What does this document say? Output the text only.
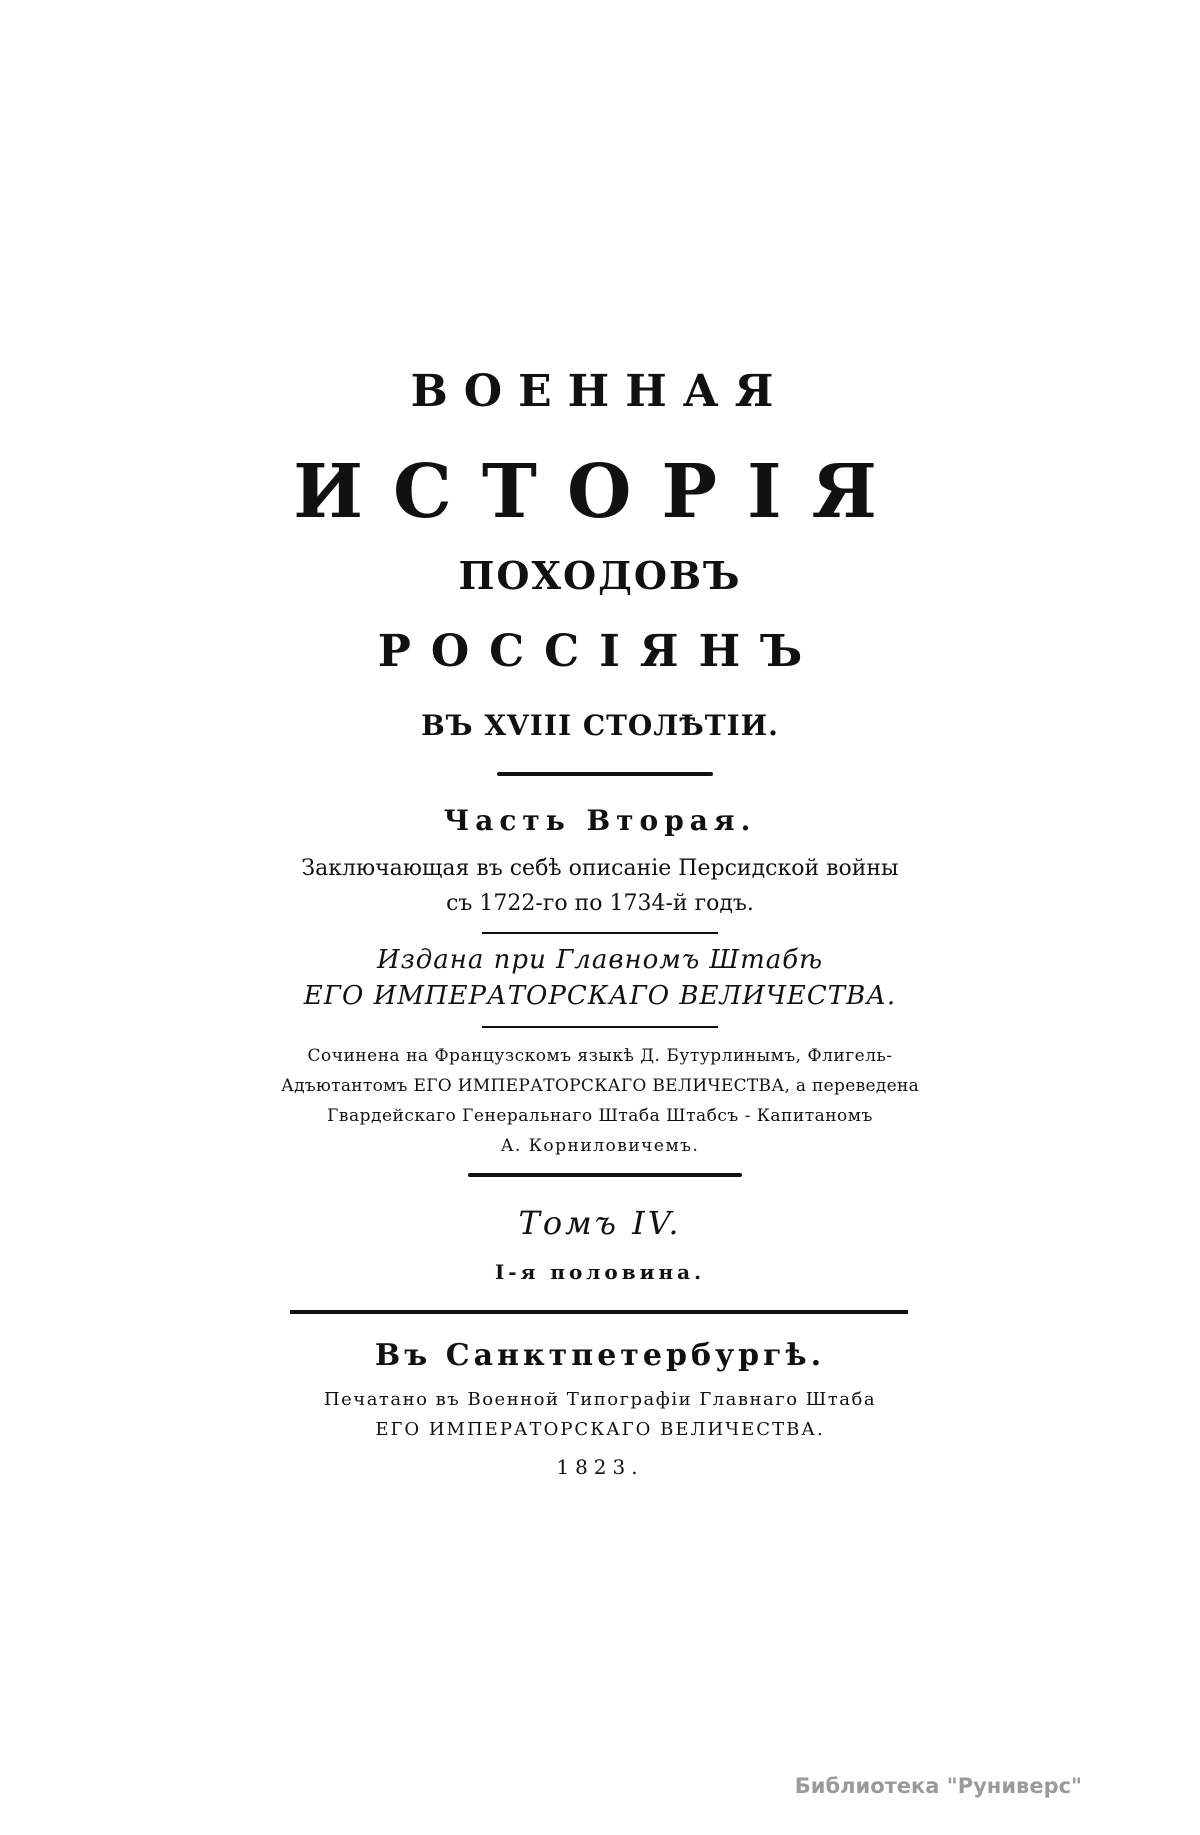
ВОЕННАЯ
ИСТОРІЯ
ПОХОДОВЪ
РОССІЯНЪ
ВЪ XVIII СТОЛѢТІИ.
Часть Вторая.
Заключающая въ себѣ описаніе Персидской войны
съ 1722-го по 1734-й годъ.
Издана при Главномъ Штабѣ
ЕГО ИМПЕРАТОРСКАГО ВЕЛИЧЕСТВА.
Сочинена на Французскомъ языкѣ Д. Бутурлинымъ, Флигель-
Адъютантомъ ЕГО ИМПЕРАТОРСКАГО ВЕЛИЧЕСТВА, а переведена
Гвардейскаго Генеральнаго Штаба Штабсъ - Капитаномъ
А. Корниловичемъ.
Томъ IV.
I-я половина.
Въ Санктпетербургѣ.
Печатано въ Военной Типографіи Главнаго Штаба
ЕГО ИМПЕРАТОРСКАГО ВЕЛИЧЕСТВА.
1823.
Библиотека "Руниверс"
